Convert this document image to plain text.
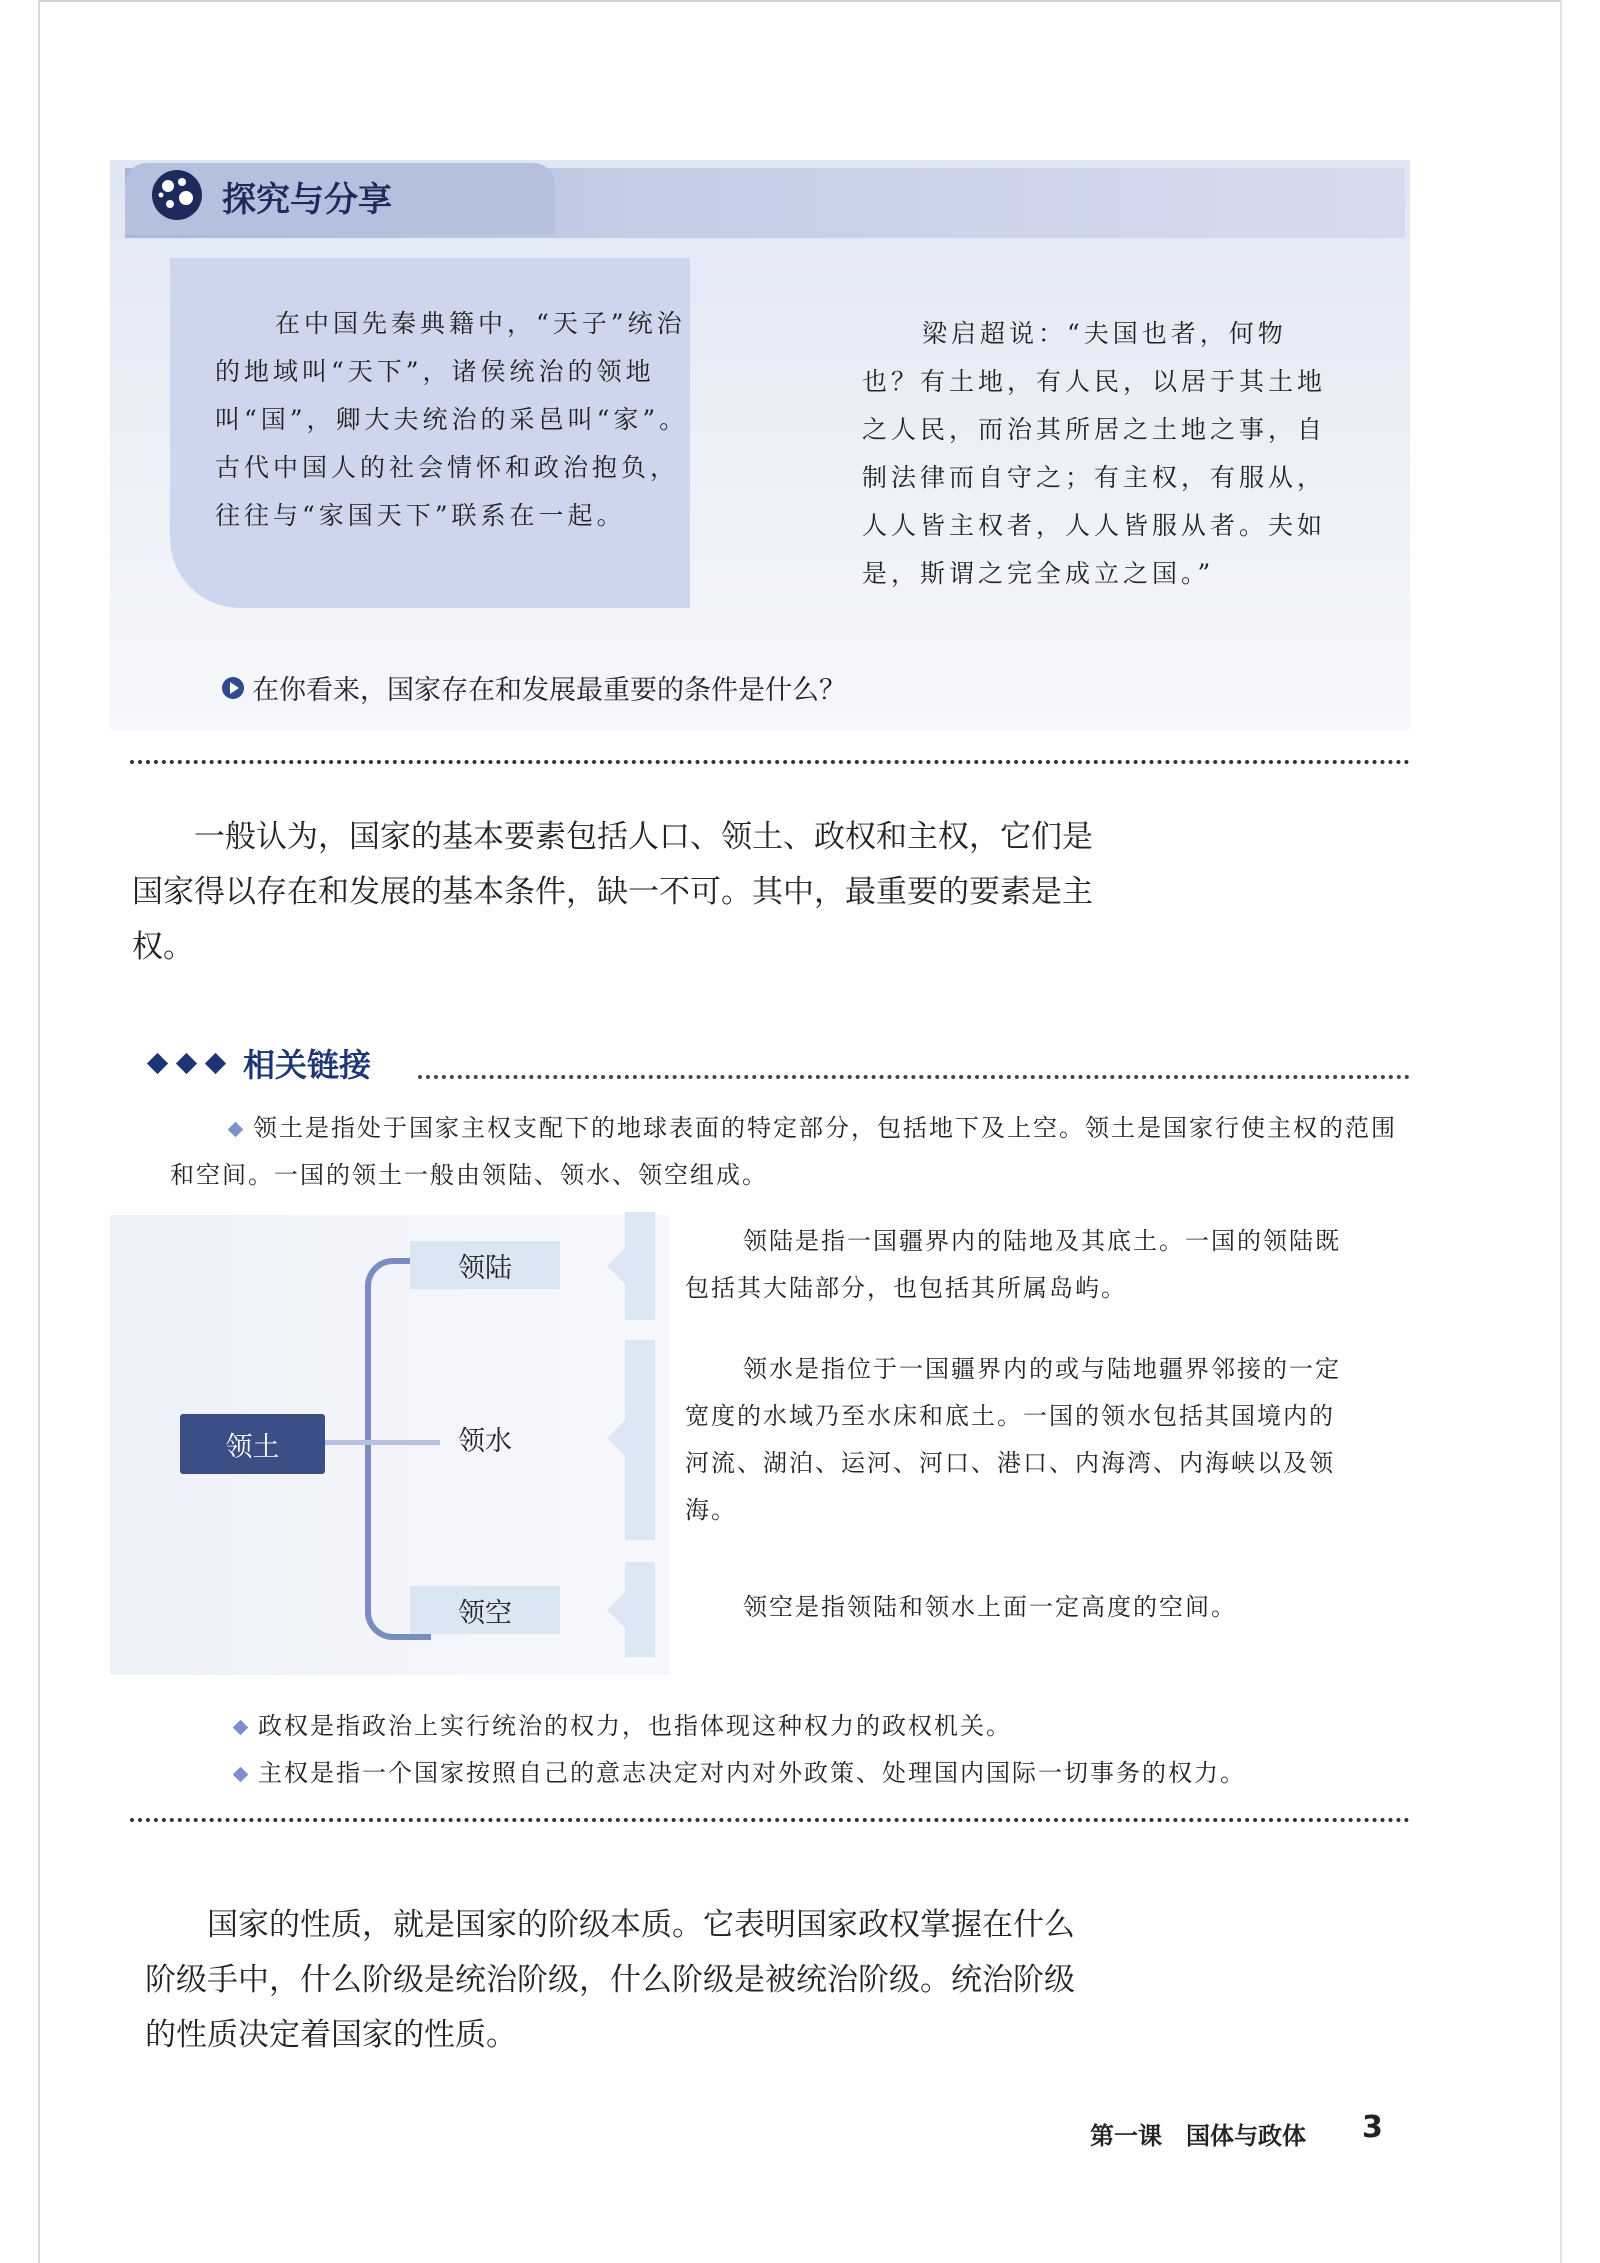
探究与分享
在中国先秦典籍中，“天子”统治的地域叫“天下”，诸侯统治的领地叫“国”，卿大夫统治的采邑叫“家”。古代中国人的社会情怀和政治抱负，往往与“家国天下”联系在一起。
梁启超说：“夫国也者，何物也？有土地，有人民，以居于其土地之人民，而治其所居之土地之事，自制法律而自守之；有主权，有服从，人人皆主权者，人人皆服从者。夫如是，斯谓之完全成立之国。”
在你看来，国家存在和发展最重要的条件是什么？
一般认为，国家的基本要素包括人口、领土、政权和主权，它们是国家得以存在和发展的基本条件，缺一不可。其中，最重要的要素是主权。
相关链接
领土是指处于国家主权支配下的地球表面的特定部分，包括地下及上空。领土是国家行使主权的范围和空间。一国的领土一般由领陆、领水、领空组成。
领土
领陆
领水
领空
领陆是指一国疆界内的陆地及其底土。一国的领陆既包括其大陆部分，也包括其所属岛屿。
领水是指位于一国疆界内的或与陆地疆界邻接的一定宽度的水域乃至水床和底土。一国的领水包括其国境内的河流、湖泊、运河、河口、港口、内海湾、内海峡以及领海。
领空是指领陆和领水上面一定高度的空间。
政权是指政治上实行统治的权力，也指体现这种权力的政权机关。
主权是指一个国家按照自己的意志决定对内对外政策、处理国内国际一切事务的权力。
国家的性质，就是国家的阶级本质。它表明国家政权掌握在什么阶级手中，什么阶级是统治阶级，什么阶级是被统治阶级。统治阶级的性质决定着国家的性质。
第一课　国体与政体 3
